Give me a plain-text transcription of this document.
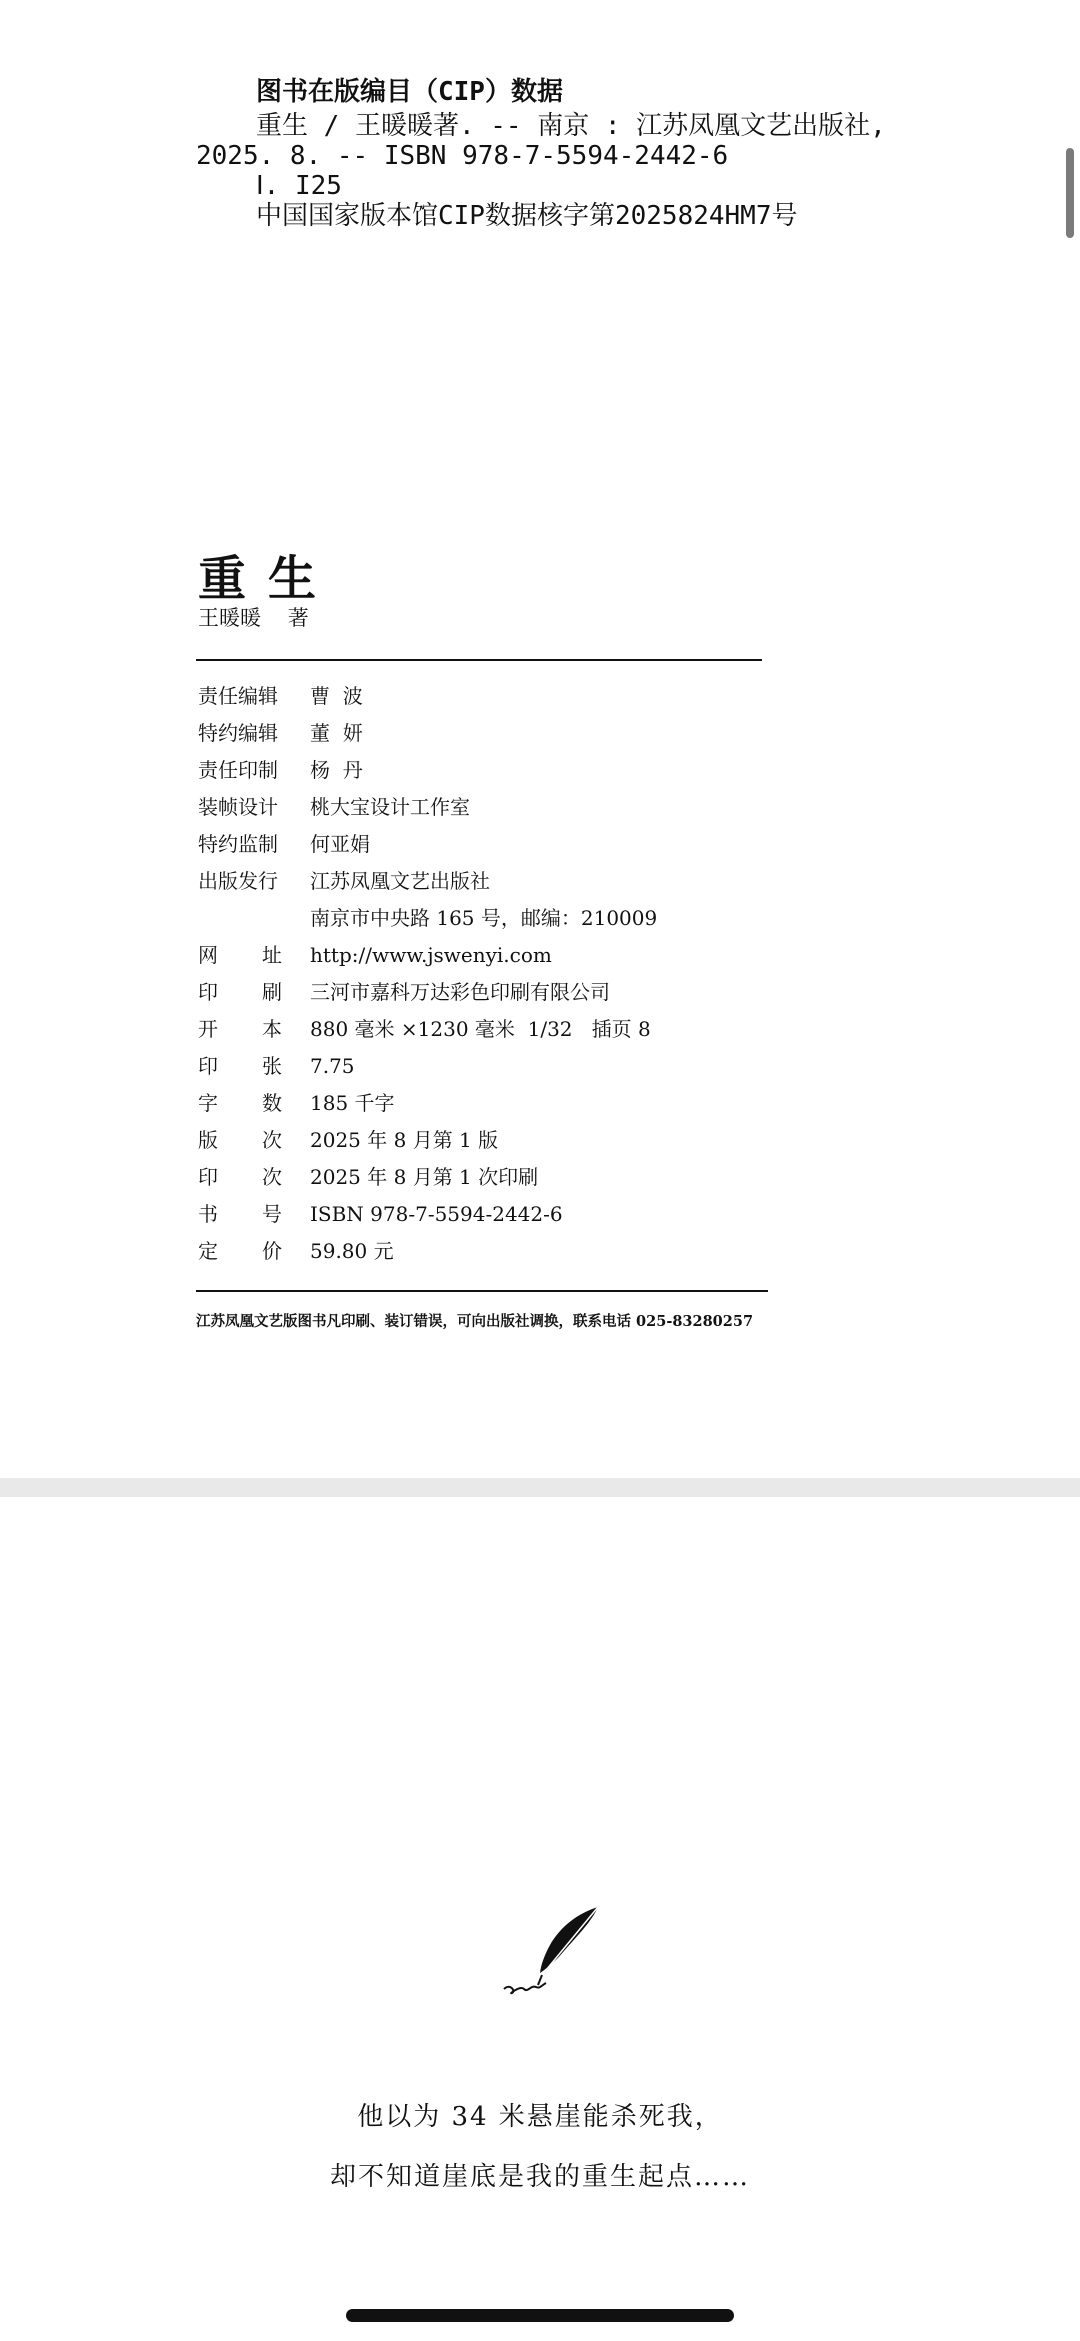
图书在版编目（CIP）数据
重生 / 王暖暖著. -- 南京 : 江苏凤凰文艺出版社,
2025. 8. -- ISBN 978-7-5594-2442-6
Ⅰ. I25
中国国家版本馆CIP数据核字第2025824HM7号
重生
王暖暖    著
责任编辑	曹  波
特约编辑	董  妍
责任印制	杨  丹
装帧设计	桃大宝设计工作室
特约监制	何亚娟
出版发行	江苏凤凰文艺出版社
南京市中央路 165 号，邮编：210009
网址 http://www.jswenyi.com
印刷 三河市嘉科万达彩色印刷有限公司
开本 880 毫米 ×1230 毫米  1/32   插页 8
印张 7.75
字数 185 千字
版次 2025 年 8 月第 1 版
印次 2025 年 8 月第 1 次印刷
书号 ISBN 978-7-5594-2442-6
定价 59.80 元
江苏凤凰文艺版图书凡印刷、装订错误，可向出版社调换，联系电话 025-83280257
他以为 34 米悬崖能杀死我，
却不知道崖底是我的重生起点……
